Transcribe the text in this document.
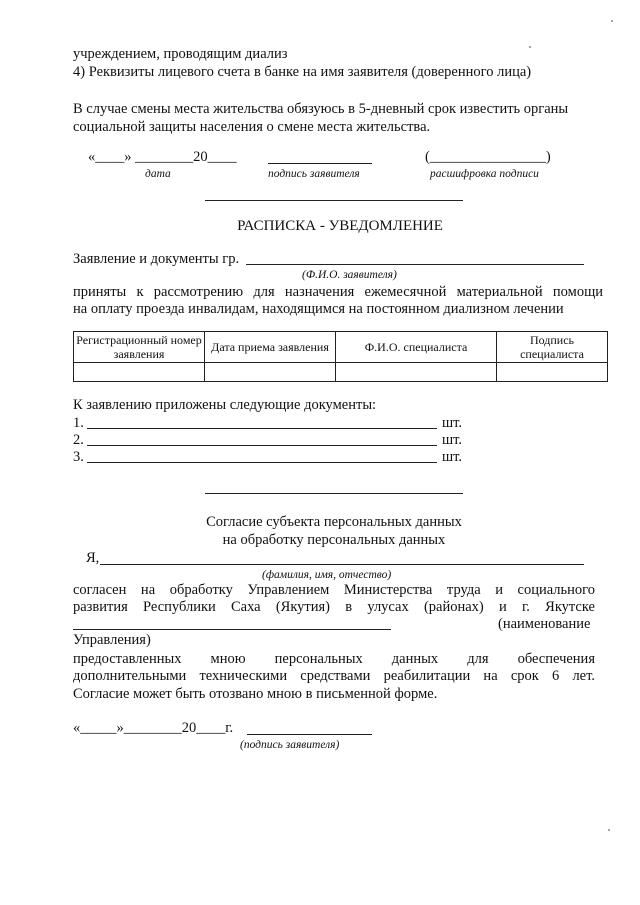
учреждением, проводящим диализ
4) Реквизиты лицевого счета в банке на имя заявителя (доверенного лица)
В случае смены места жительства обязуюсь в 5-дневный срок известить органы
социальной защиты населения о смене места жительства.
«____» ________20____	(________________)
дата	подпись заявителя	расшифровка подписи
РАСПИСКА - УВЕДОМЛЕНИЕ
Заявление и документы гр.
(Ф.И.О. заявителя)
приняты к рассмотрению для назначения ежемесячной материальной помощи
на оплату проезда инвалидам, находящимся на постоянном диализном лечении
Регистрационный номер заявления	Дата приема заявления	Ф.И.О. специалиста	Подпись специалиста

К заявлению приложены следующие документы:
1.	шт.
2.	шт.
3.	шт.
Согласие субъекта персональных данных
на обработку персональных данных
Я,
(фамилия, имя, отчество)
согласен на обработку Управлением Министерства труда и социального
развития Республики Саха (Якутия) в улусах (районах) и г. Якутске
(наименование
Управления)
предоставленных мною персональных данных для обеспечения
дополнительными техническими средствами реабилитации на срок 6 лет.
Согласие может быть отозвано мною в письменной форме.
«_____»________20____г.
(подпись заявителя)
